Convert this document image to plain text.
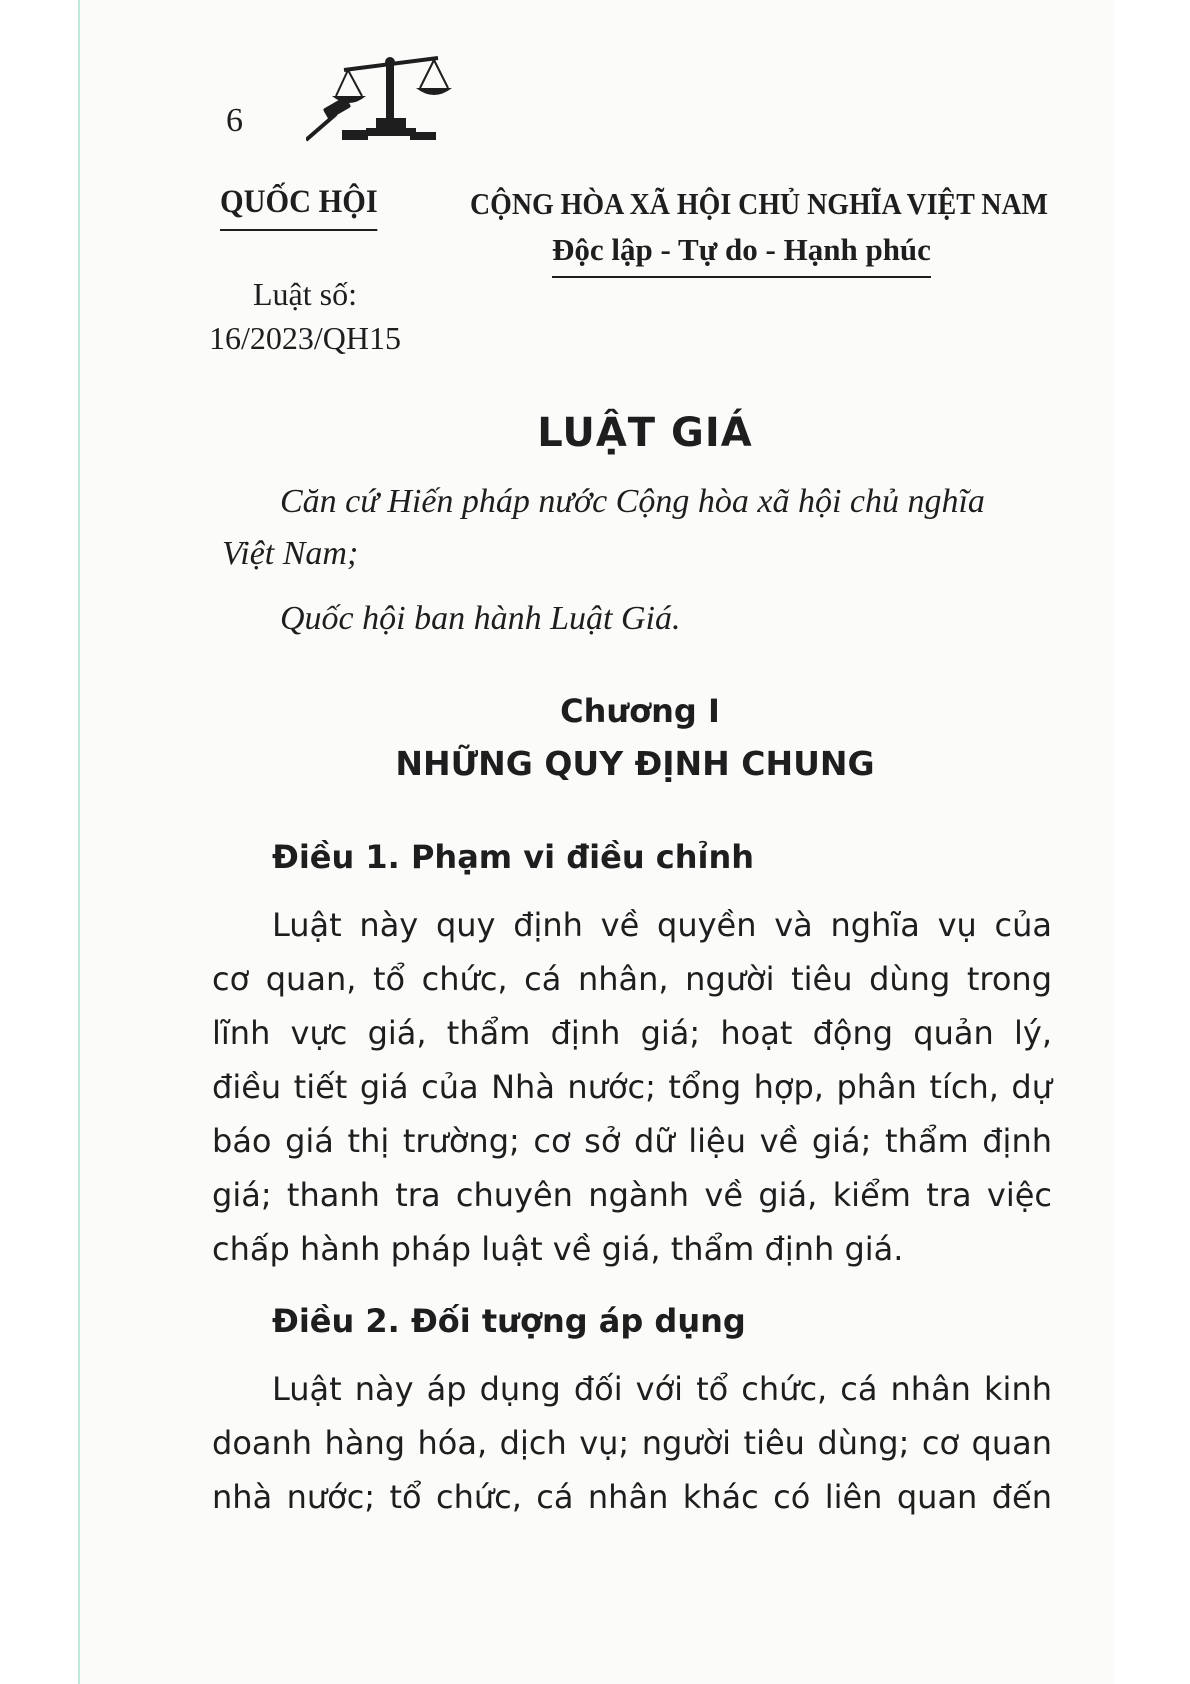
6
QUỐC HỘI	CỘNG HÒA XÃ HỘI CHỦ NGHĨA VIỆT NAM
Độc lập - Tự do - Hạnh phúc
Luật số:
16/2023/QH15
LUẬT GIÁ
Căn cứ Hiến pháp nước Cộng hòa xã hội chủ nghĩa
Việt Nam;
Quốc hội ban hành Luật Giá.
Chương I
NHỮNG QUY ĐỊNH CHUNG
Điều 1. Phạm vi điều chỉnh
Luật này quy định về quyền và nghĩa vụ của
cơ quan, tổ chức, cá nhân, người tiêu dùng trong
lĩnh vực giá, thẩm định giá; hoạt động quản lý,
điều tiết giá của Nhà nước; tổng hợp, phân tích, dự
báo giá thị trường; cơ sở dữ liệu về giá; thẩm định
giá; thanh tra chuyên ngành về giá, kiểm tra việc
chấp hành pháp luật về giá, thẩm định giá.
Điều 2. Đối tượng áp dụng
Luật này áp dụng đối với tổ chức, cá nhân kinh
doanh hàng hóa, dịch vụ; người tiêu dùng; cơ quan
nhà nước; tổ chức, cá nhân khác có liên quan đến
